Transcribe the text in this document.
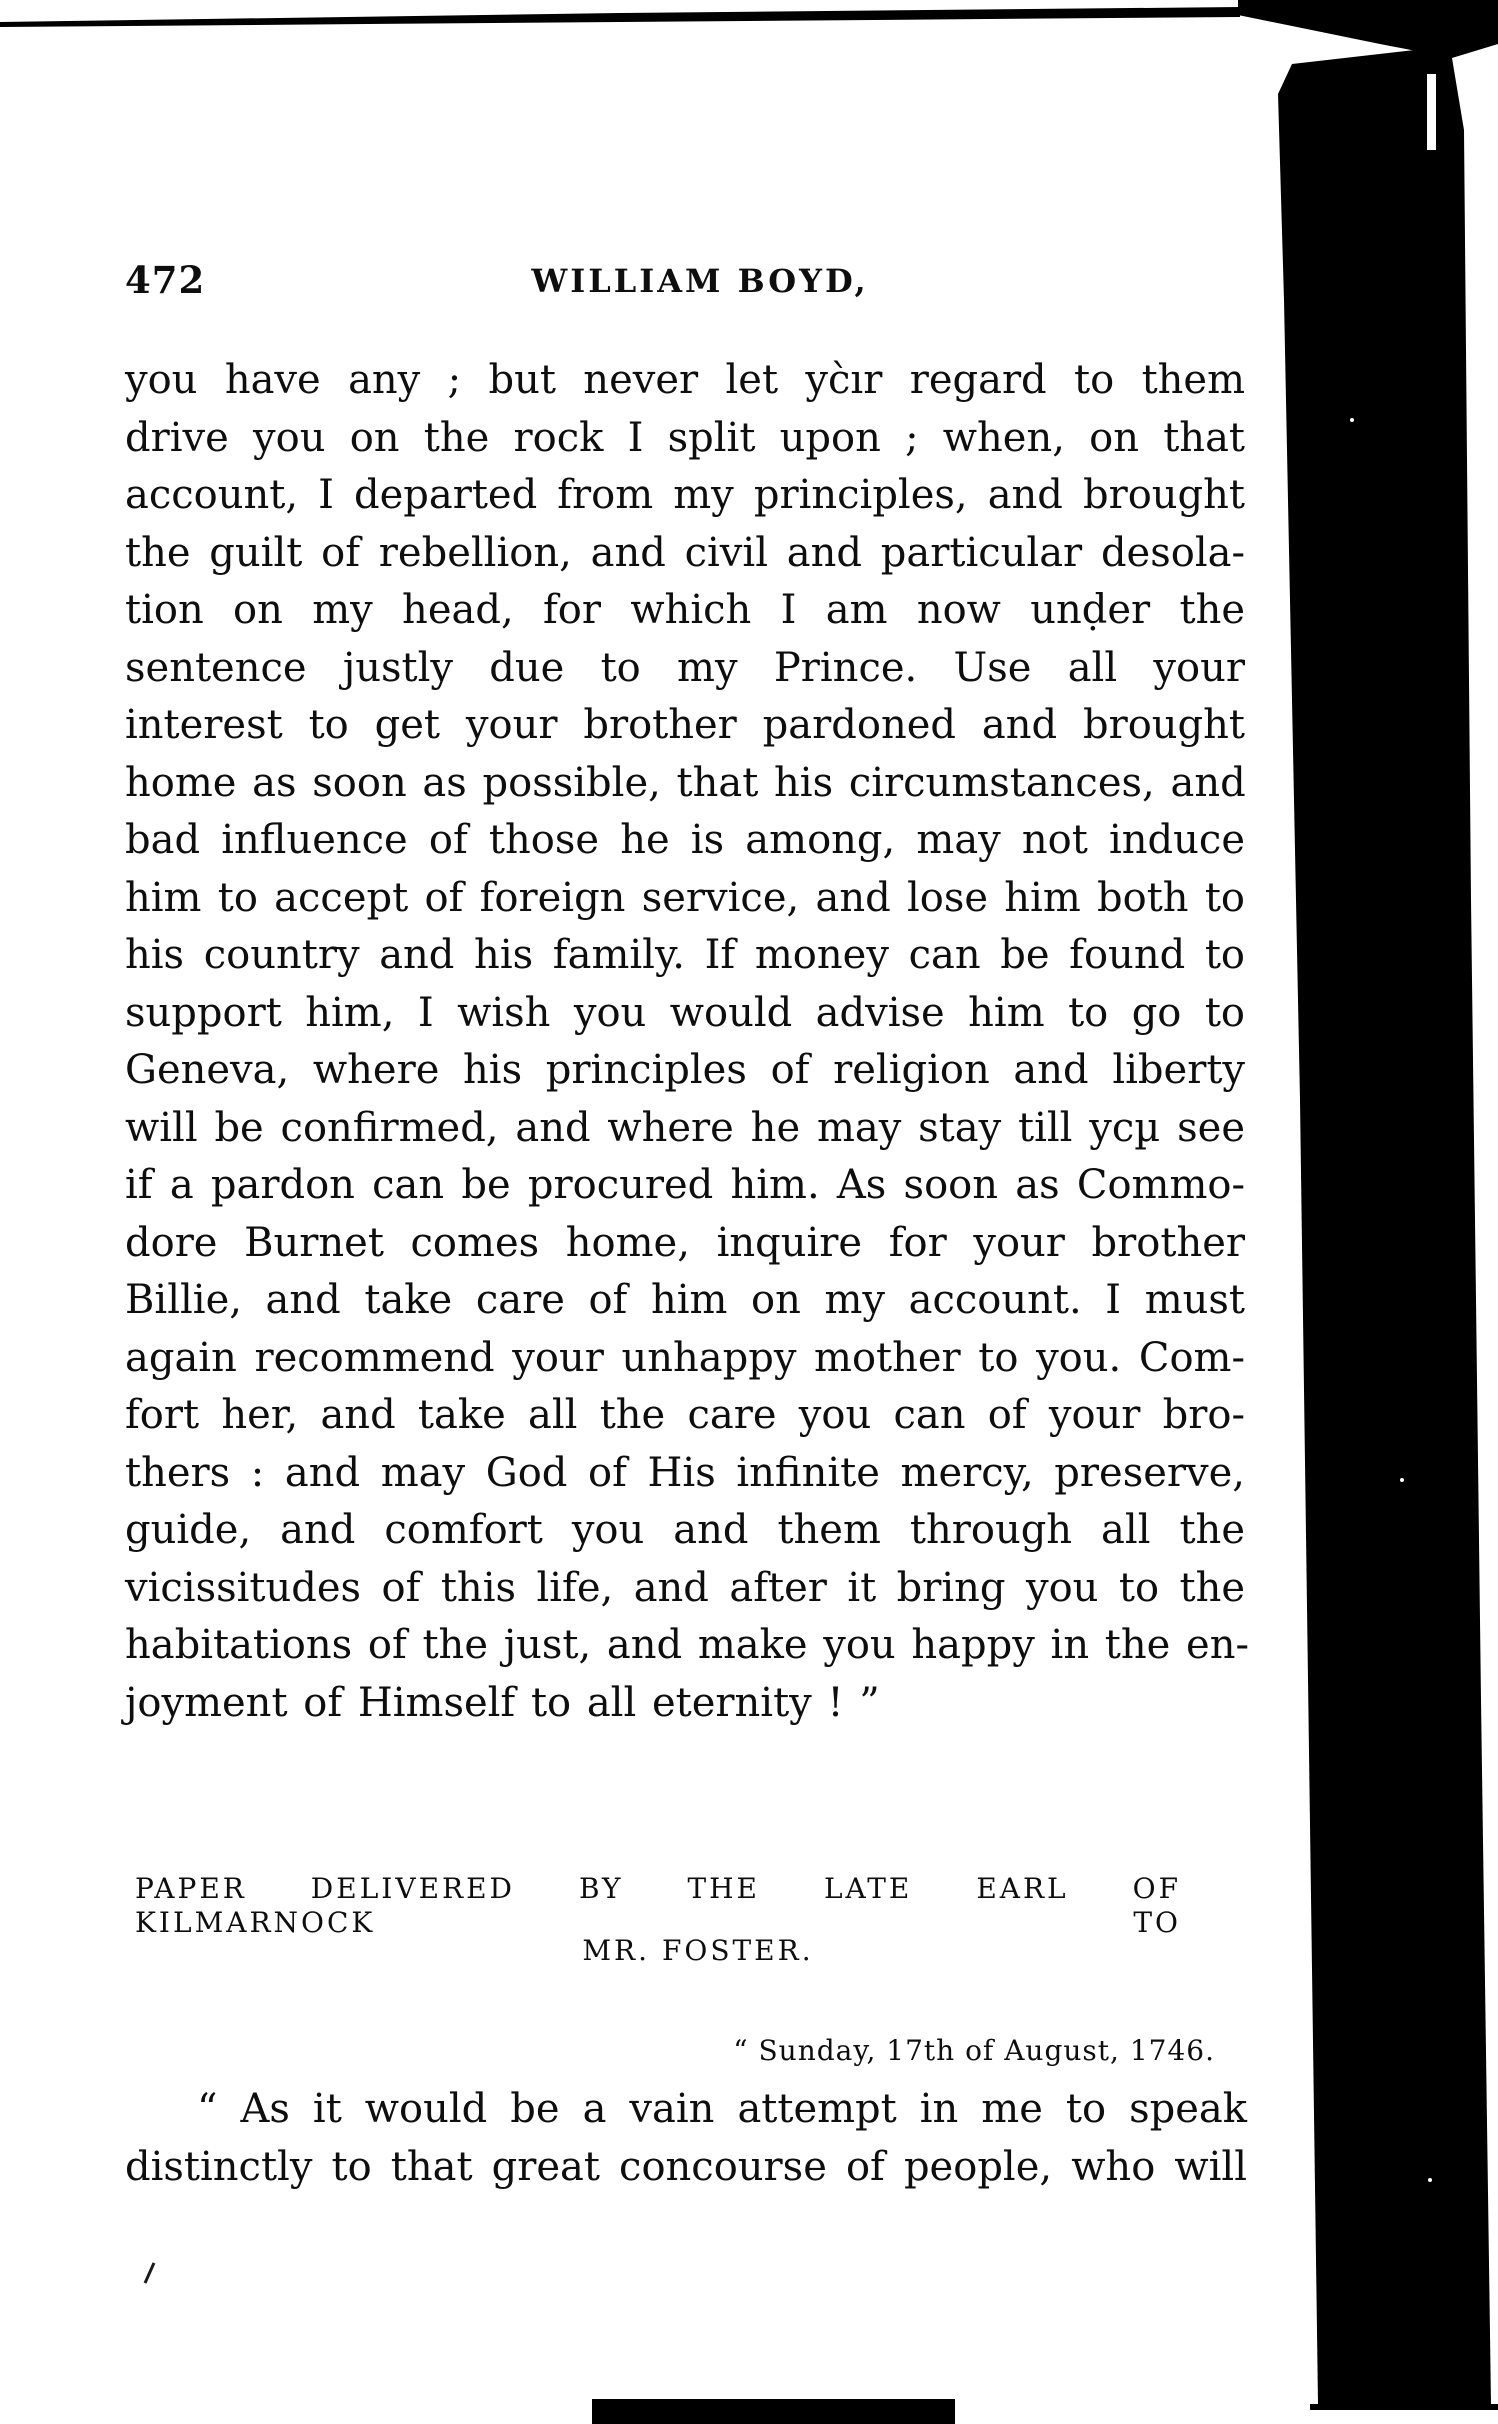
472	WILLIAM BOYD,
you have any ; but never let yc̀ır regard to them
drive you on the rock I split upon ; when, on that
account, I departed from my principles, and brought
the guilt of rebellion, and civil and particular desola-
tion on my head, for which I am now unḍer the
sentence justly due to my Prince. Use all your
interest to get your brother pardoned and brought
home as soon as possible, that his circumstances, and
bad influence of those he is among, may not induce
him to accept of foreign service, and lose him both to
his country and his family. If money can be found to
support him, I wish you would advise him to go to
Geneva, where his principles of religion and liberty
will be confirmed, and where he may stay till ycµ see
if a pardon can be procured him. As soon as Commo-
dore Burnet comes home, inquire for your brother
Billie, and take care of him on my account. I must
again recommend your unhappy mother to you. Com-
fort her, and take all the care you can of your bro-
thers : and may God of His infinite mercy, preserve,
guide, and comfort you and them through all the
vicissitudes of this life, and after it bring you to the
habitations of the just, and make you happy in the en-
joyment of Himself to all eternity ! ”
PAPER DELIVERED BY THE LATE EARL OF KILMARNOCK TO
MR. FOSTER.
“ Sunday, 17th of August, 1746.
“ As it would be a vain attempt in me to speak
distinctly to that great concourse of people, who will
